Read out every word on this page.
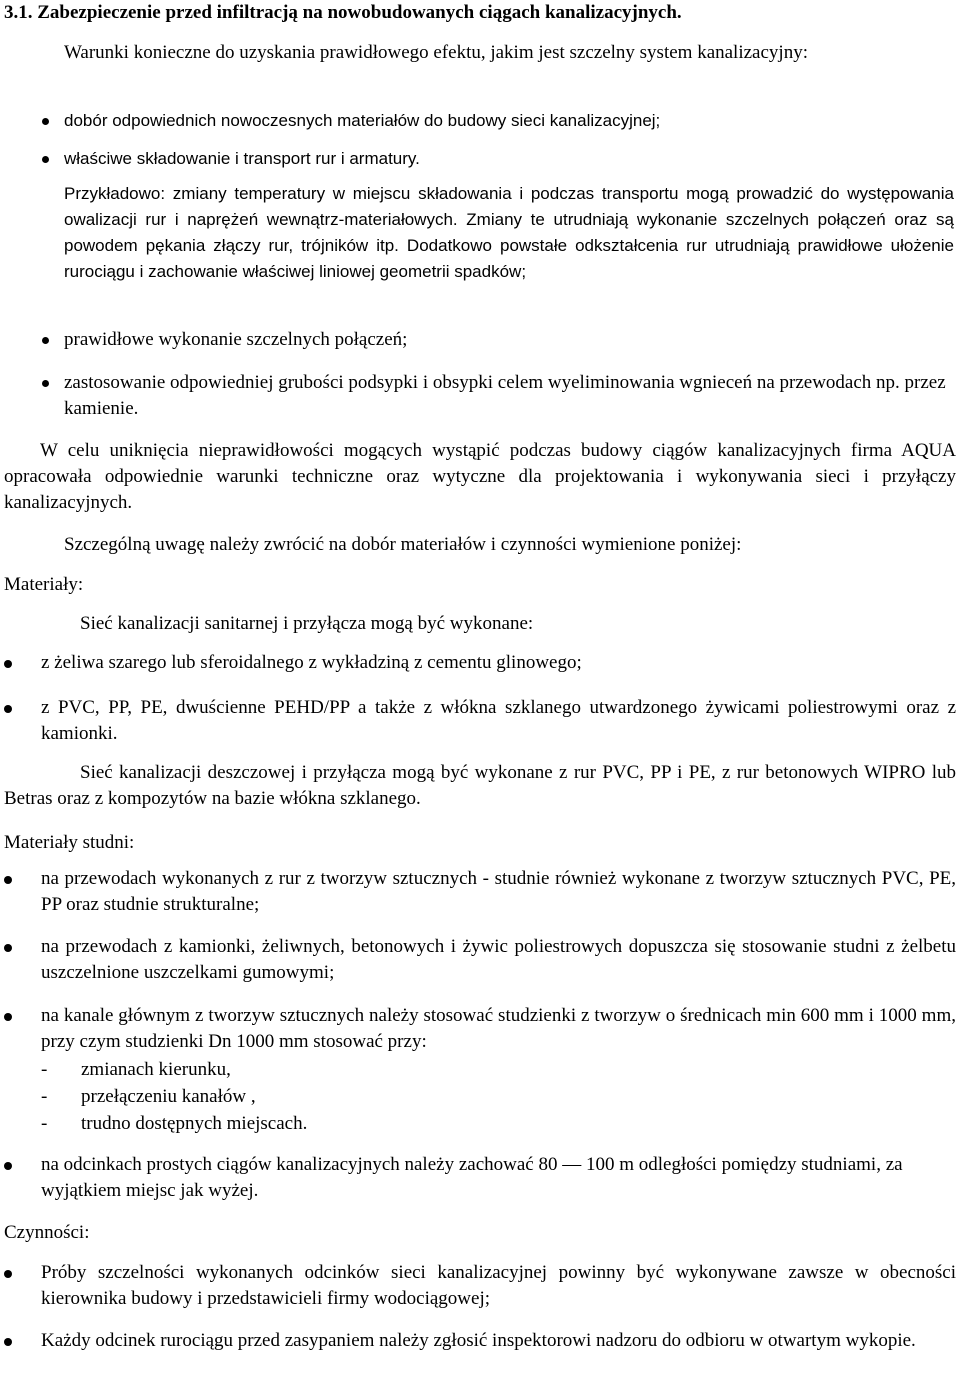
3.1. Zabezpieczenie przed infiltracją na nowobudowanych ciągach kanalizacyjnych.

Warunki konieczne do uzyskania prawidłowego efektu, jakim jest szczelny system kanalizacyjny:

dobór odpowiednich nowoczesnych materiałów do budowy sieci kanalizacyjnej;

właściwe składowanie i transport rur i armatury.

Przykładowo: zmiany temperatury w miejscu składowania i podczas transportu mogą prowadzić do występowania owalizacji rur i naprężeń wewnątrz-materiałowych. Zmiany te utrudniają wykonanie szczelnych połączeń oraz są powodem pękania złączy rur, trójników itp. Dodatkowo powstałe odkształcenia rur utrudniają prawidłowe ułożenie rurociągu i zachowanie właściwej liniowej geometrii spadków;

prawidłowe wykonanie szczelnych połączeń;

zastosowanie odpowiedniej grubości podsypki i obsypki celem wyeliminowania wgnieceń na przewodach np. przez kamienie.

W celu uniknięcia nieprawidłowości mogących wystąpić podczas budowy ciągów kanalizacyjnych firma AQUA opracowała odpowiednie warunki techniczne oraz wytyczne dla projektowania i wykonywania sieci i przyłączy kanalizacyjnych.

Szczególną uwagę należy zwrócić na dobór materiałów i czynności wymienione poniżej:

Materiały:

Sieć kanalizacji sanitarnej i przyłącza mogą być wykonane:

z żeliwa szarego lub sferoidalnego z wykładziną z cementu glinowego;

z PVC, PP, PE, dwuścienne PEHD/PP a także z włókna szklanego utwardzonego żywicami poliestrowymi oraz z kamionki.

Sieć kanalizacji deszczowej i przyłącza mogą być wykonane z rur PVC, PP i PE, z rur betonowych WIPRO lub Betras oraz z kompozytów na bazie włókna szklanego.

Materiały studni:

na przewodach wykonanych z rur z tworzyw sztucznych - studnie również wykonane z tworzyw sztucznych PVC, PE, PP oraz studnie strukturalne;

na przewodach z kamionki, żeliwnych, betonowych i żywic poliestrowych dopuszcza się stosowanie studni z żelbetu uszczelnione uszczelkami gumowymi;

na kanale głównym z tworzyw sztucznych należy stosować studzienki z tworzyw o średnicach min 600 mm i 1000 mm, przy czym studzienki Dn 1000 mm stosować przy:

- zmianach kierunku,
- przełączeniu kanałów ,
- trudno dostępnych miejscach.

na odcinkach prostych ciągów kanalizacyjnych należy zachować 80 — 100 m odległości pomiędzy studniami, za wyjątkiem miejsc jak wyżej.

Czynności:

Próby szczelności wykonanych odcinków sieci kanalizacyjnej powinny być wykonywane zawsze w obecności kierownika budowy i przedstawicieli firmy wodociągowej;

Każdy odcinek rurociągu przed zasypaniem należy zgłosić inspektorowi nadzoru do odbioru w otwartym wykopie.
